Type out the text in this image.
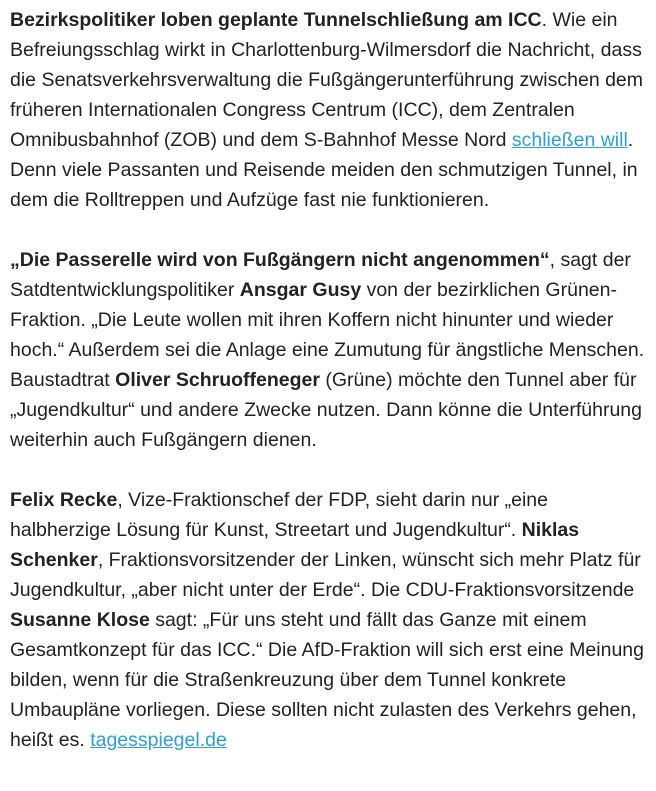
Bezirkspolitiker loben geplante Tunnelschließung am ICC. Wie ein Befreiungsschlag wirkt in Charlottenburg-Wilmersdorf die Nachricht, dass die Senatsverkehrsverwaltung die Fußgängerunterführung zwischen dem früheren Internationalen Congress Centrum (ICC), dem Zentralen Omnibusbahnhof (ZOB) und dem S-Bahnhof Messe Nord schließen will. Denn viele Passanten und Reisende meiden den schmutzigen Tunnel, in dem die Rolltreppen und Aufzüge fast nie funktionieren.

„Die Passerelle wird von Fußgängern nicht angenommen“, sagt der Satdtentwicklungspolitiker Ansgar Gusy von der bezirklichen Grünen-Fraktion. „Die Leute wollen mit ihren Koffern nicht hinunter und wieder hoch.“ Außerdem sei die Anlage eine Zumutung für ängstliche Menschen. Baustadtrat Oliver Schruoffeneger (Grüne) möchte den Tunnel aber für „Jugendkultur“ und andere Zwecke nutzen. Dann könne die Unterführung weiterhin auch Fußgängern dienen.

Felix Recke, Vize-Fraktionschef der FDP, sieht darin nur „eine halbherzige Lösung für Kunst, Streetart und Jugendkultur“. Niklas Schenker, Fraktionsvorsitzender der Linken, wünscht sich mehr Platz für Jugendkultur, „aber nicht unter der Erde“. Die CDU-Fraktionsvorsitzende Susanne Klose sagt: „Für uns steht und fällt das Ganze mit einem Gesamtkonzept für das ICC.“ Die AfD-Fraktion will sich erst eine Meinung bilden, wenn für die Straßenkreuzung über dem Tunnel konkrete Umbaupläne vorliegen. Diese sollten nicht zulasten des Verkehrs gehen, heißt es. tagesspiegel.de
